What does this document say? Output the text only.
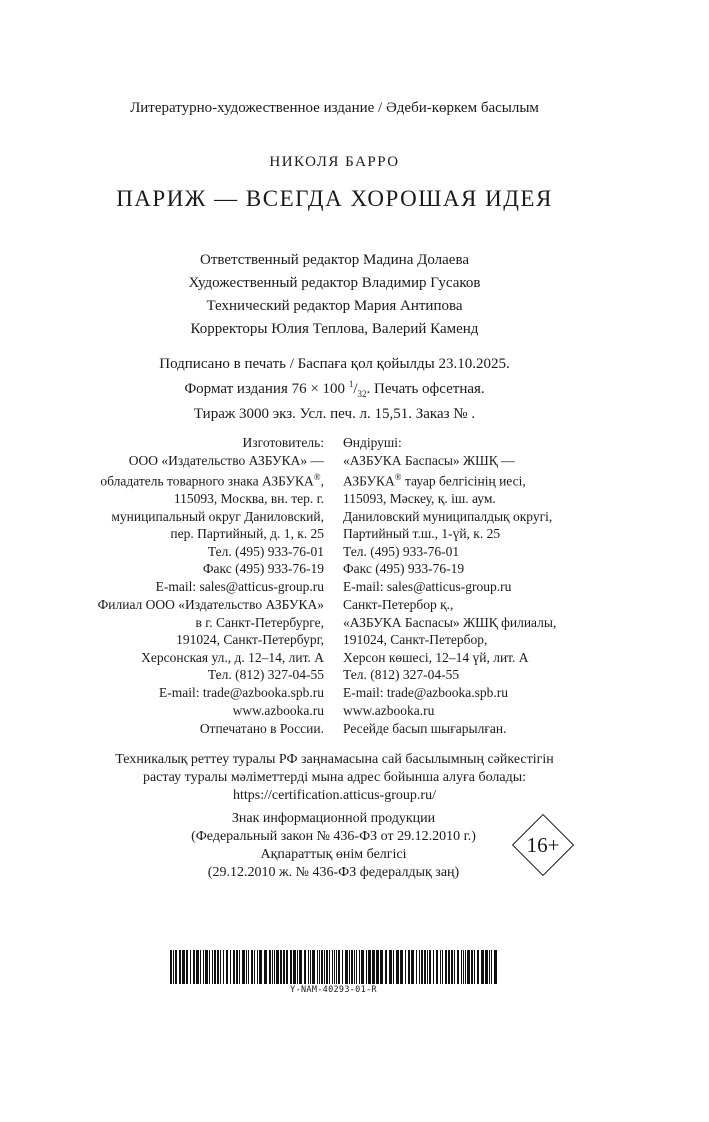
Литературно-художественное издание / Әдеби-көркем басылым
НИКОЛЯ БАРРО
ПАРИЖ — ВСЕГДА ХОРОШАЯ ИДЕЯ
Ответственный редактор Мадина Долаева
Художественный редактор Владимир Гусаков
Технический редактор Мария Антипова
Корректоры Юлия Теплова, Валерий Каменд
Подписано в печать / Баспаға қол қойылды 23.10.2025.
Формат издания 76 × 100 $^1/_{32}$. Печать офсетная.
Тираж 3000 экз. Усл. печ. л. 15,51. Заказ № .
Изготовитель:
ООО «Издательство АЗБУКА» —
обладатель товарного знака АЗБУКА®,
115093, Москва, вн. тер. г.
муниципальный округ Даниловский,
пер. Партийный, д. 1, к. 25
Тел. (495) 933-76-01
Факс (495) 933-76-19
E-mail: sales@atticus-group.ru
Өндіруші:
«АЗБУКА Баспасы» ЖШҚ —
АЗБУКА® тауар белгісінің иесі,
115093, Мәскеу, қ. іш. аум.
Даниловский муниципалдық округі,
Партийный т.ш., 1-үй, к. 25
Тел. (495) 933-76-01
Факс (495) 933-76-19
E-mail: sales@atticus-group.ru
Филиал ООО «Издательство АЗБУКА»
в г. Санкт-Петербурге,
191024, Санкт-Петербург,
Херсонская ул., д. 12–14, лит. А
Тел. (812) 327-04-55
E-mail: trade@azbooka.spb.ru
Санкт-Петербор қ.,
«АЗБУКА Баспасы» ЖШҚ филиалы,
191024, Санкт-Петербор,
Херсон көшесі, 12–14 үй, лит. А
Тел. (812) 327-04-55
E-mail: trade@azbooka.spb.ru
www.azbooka.ru
Отпечатано в России.
www.azbooka.ru
Ресейде басып шығарылған.
Техникалық реттеу туралы РФ заңнамасына сай басылымның сәйкестігін
растау туралы мәліметтерді мына адрес бойынша алуға болады:
https://certification.atticus-group.ru/
Знак информационной продукции
(Федеральный закон № 436-ФЗ от 29.12.2010 г.)
Ақпараттық өнім белгісі
(29.12.2010 ж. № 436-ФЗ федералдық заң)
16+
Y-NAM-40293-01-R
